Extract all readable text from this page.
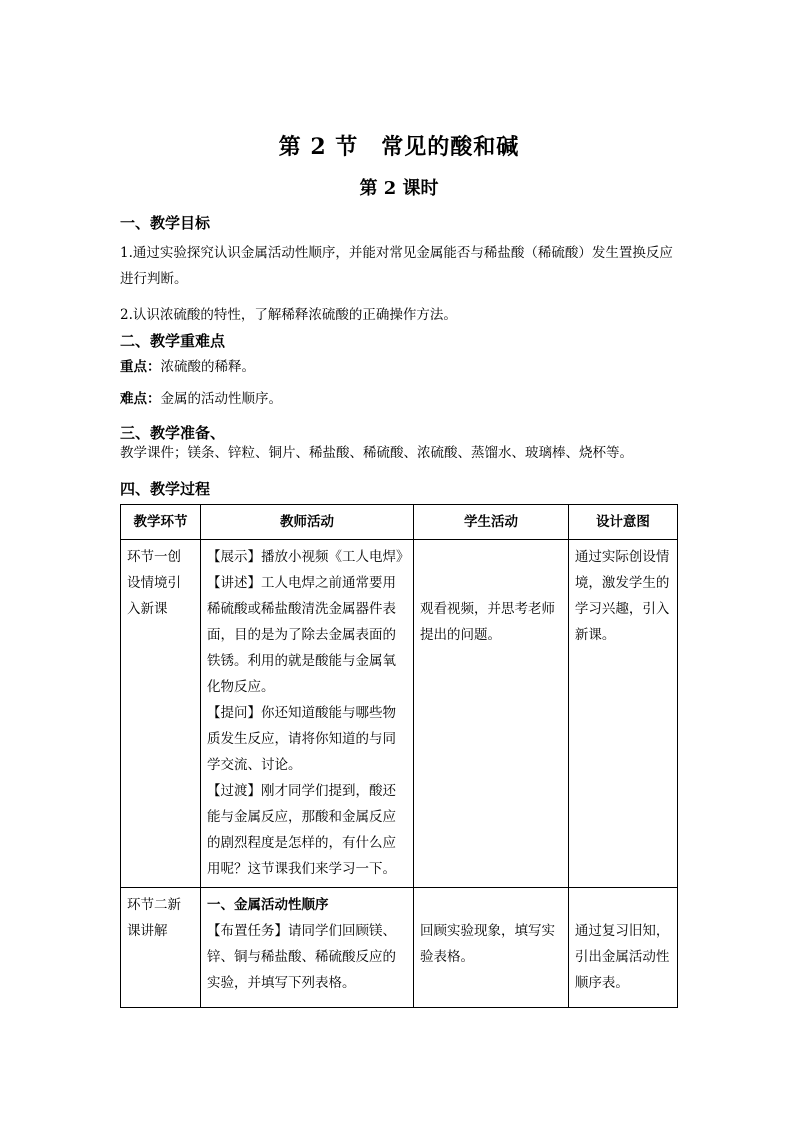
第 2 节　常见的酸和碱
第 2 课时
一、教学目标
1.通过实验探究认识金属活动性顺序，并能对常见金属能否与稀盐酸（稀硫酸）发生置换反应进行判断。
2.认识浓硫酸的特性，了解稀释浓硫酸的正确操作方法。
二、教学重难点
重点：浓硫酸的稀释。
难点：金属的活动性顺序。
三、教学准备、
教学课件；镁条、锌粒、铜片、稀盐酸、稀硫酸、浓硫酸、蒸馏水、玻璃棒、烧杯等。
四、教学过程
教学环节	教师活动	学生活动	设计意图
环节一创设情境引入新课	【展示】播放小视频《工人电焊》
【讲述】工人电焊之前通常要用稀硫酸或稀盐酸清洗金属器件表面，目的是为了除去金属表面的铁锈。利用的就是酸能与金属氧化物反应。
【提问】你还知道酸能与哪些物质发生反应，请将你知道的与同学交流、讨论。
【过渡】刚才同学们提到，酸还能与金属反应，那酸和金属反应的剧烈程度是怎样的，有什么应用呢？这节课我们来学习一下。	观看视频，并思考老师提出的问题。	通过实际创设情境，激发学生的学习兴趣，引入新课。
环节二新课讲解	一、金属活动性顺序
【布置任务】请同学们回顾镁、锌、铜与稀盐酸、稀硫酸反应的实验，并填写下列表格。	回顾实验现象，填写实验表格。	通过复习旧知，引出金属活动性顺序表。
